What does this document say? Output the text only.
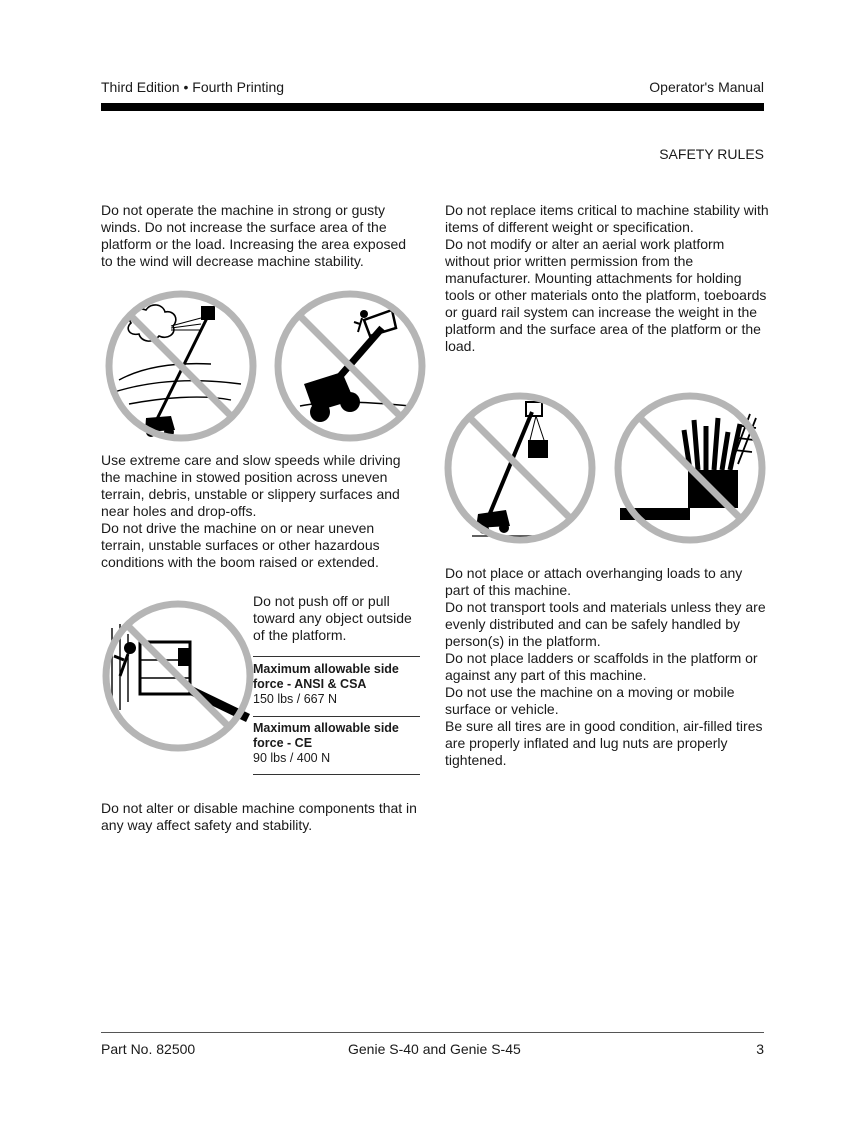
Third Edition • Fourth Printing	Operator's Manual
SAFETY RULES

Do not operate the machine in strong or gusty winds. Do not increase the surface area of the platform or the load. Increasing the area exposed to the wind will decrease machine stability.

Use extreme care and slow speeds while driving the machine in stowed position across uneven terrain, debris, unstable or slippery surfaces and near holes and drop-offs.

Do not drive the machine on or near uneven terrain, unstable surfaces or other hazardous conditions with the boom raised or extended.

Do not push off or pull toward any object outside of the platform.

Maximum allowable side force - ANSI & CSA
150 lbs / 667 N
Maximum allowable side force - CE
90 lbs / 400 N

Do not alter or disable machine components that in any way affect safety and stability.

Do not replace items critical to machine stability with items of different weight or specification.

Do not modify or alter an aerial work platform without prior written permission from the manufacturer. Mounting attachments for holding tools or other materials onto the platform, toeboards or guard rail system can increase the weight in the platform and the surface area of the platform or the load.

Do not place or attach overhanging loads to any part of this machine.

Do not transport tools and materials unless they are evenly distributed and can be safely handled by person(s) in the platform.

Do not place ladders or scaffolds in the platform or against any part of this machine.

Do not use the machine on a moving or mobile surface or vehicle.

Be sure all tires are in good condition, air-filled tires are properly inflated and lug nuts are properly tightened.

Part No. 82500	Genie S-40 and Genie S-45	3
